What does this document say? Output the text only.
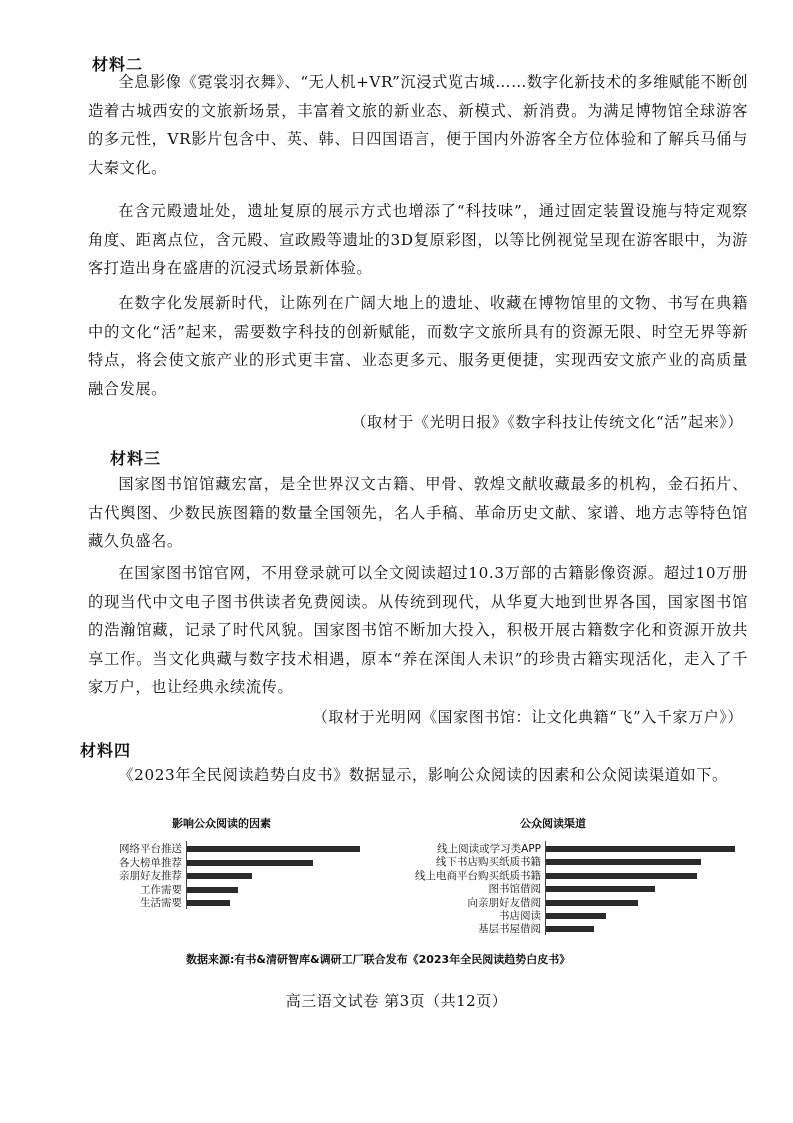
材料二
全息影像《霓裳羽衣舞》、“无人机+VR”沉浸式览古城……数字化新技术的多维赋能不断创造着古城西安的文旅新场景，丰富着文旅的新业态、新模式、新消费。为满足博物馆全球游客的多元性，VR影片包含中、英、韩、日四国语言，便于国内外游客全方位体验和了解兵马俑与大秦文化。
在含元殿遗址处，遗址复原的展示方式也增添了“科技味”，通过固定装置设施与特定观察角度、距离点位，含元殿、宣政殿等遗址的3D复原彩图，以等比例视觉呈现在游客眼中，为游客打造出身在盛唐的沉浸式场景新体验。
在数字化发展新时代，让陈列在广阔大地上的遗址、收藏在博物馆里的文物、书写在典籍中的文化“活”起来，需要数字科技的创新赋能，而数字文旅所具有的资源无限、时空无界等新特点，将会使文旅产业的形式更丰富、业态更多元、服务更便捷，实现西安文旅产业的高质量融合发展。
（取材于《光明日报》《数字科技让传统文化“活”起来》）
材料三
国家图书馆馆藏宏富，是全世界汉文古籍、甲骨、敦煌文献收藏最多的机构，金石拓片、古代舆图、少数民族图籍的数量全国领先，名人手稿、革命历史文献、家谱、地方志等特色馆藏久负盛名。
在国家图书馆官网，不用登录就可以全文阅读超过10.3万部的古籍影像资源。超过10万册的现当代中文电子图书供读者免费阅读。从传统到现代，从华夏大地到世界各国，国家图书馆的浩瀚馆藏，记录了时代风貌。国家图书馆不断加大投入，积极开展古籍数字化和资源开放共享工作。当文化典藏与数字技术相遇，原本“养在深闺人未识”的珍贵古籍实现活化，走入了千家万户，也让经典永续流传。
（取材于光明网《国家图书馆：让文化典籍“飞”入千家万户》）
材料四
《2023年全民阅读趋势白皮书》数据显示，影响公众阅读的因素和公众阅读渠道如下。
影响公众阅读的因素
网络平台推送
各大榜单推荐
亲朋好友推荐
工作需要
生活需要
公众阅读渠道
线上阅读或学习类APP
线下书店购买纸质书籍
线上电商平台购买纸质书籍
图书馆借阅
向亲朋好友借阅
书店阅读
基层书屋借阅
数据来源:有书&清研智库&调研工厂联合发布《2023年全民阅读趋势白皮书》
高三语文试卷 第3页（共12页）
